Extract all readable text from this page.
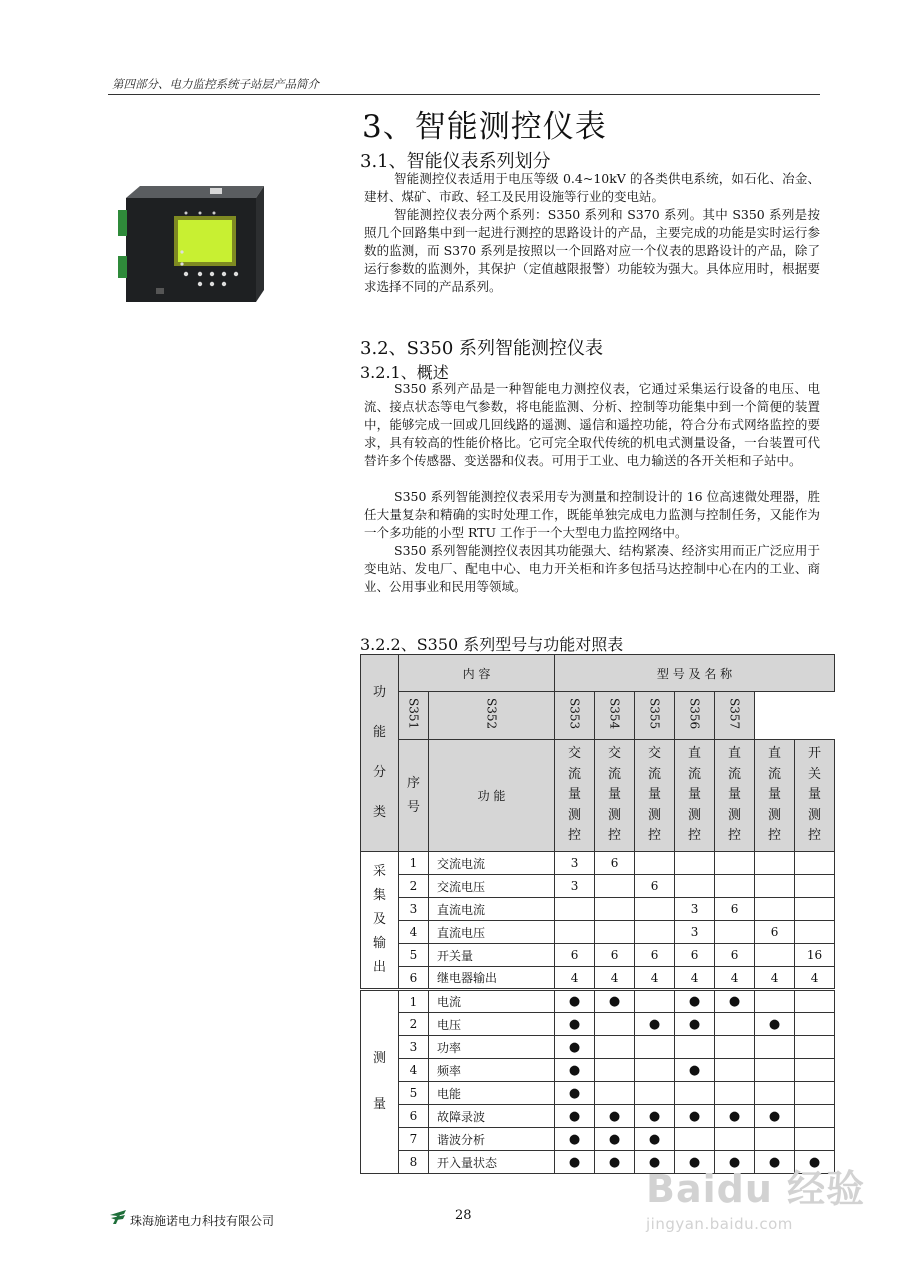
第四部分、电力监控系统子站层产品简介
3、智能测控仪表
3.1、智能仪表系列划分

智能测控仪表适用于电压等级 0.4~10kV 的各类供电系统，如石化、冶金、建材、煤矿、市政、轻工及民用设施等行业的变电站。

智能测控仪表分两个系列：S350 系列和 S370 系列。其中 S350 系列是按照几个回路集中到一起进行测控的思路设计的产品，主要完成的功能是实时运行参数的监测，而 S370 系列是按照以一个回路对应一个仪表的思路设计的产品，除了运行参数的监测外，其保护（定值越限报警）功能较为强大。具体应用时，根据要求选择不同的产品系列。

3.2、S350 系列智能测控仪表
3.2.1、概述

S350 系列产品是一种智能电力测控仪表，它通过采集运行设备的电压、电流、接点状态等电气参数，将电能监测、分析、控制等功能集中到一个简便的装置中，能够完成一回或几回线路的遥测、遥信和遥控功能，符合分布式网络监控的要求，具有较高的性能价格比。它可完全取代传统的机电式测量设备，一台装置可代替许多个传感器、变送器和仪表。可用于工业、电力输送的各开关柜和子站中。

S350 系列智能测控仪表采用专为测量和控制设计的 16 位高速微处理器，胜任大量复杂和精确的实时处理工作，既能单独完成电力监测与控制任务，又能作为一个多功能的小型 RTU 工作于一个大型电力监控网络中。

S350 系列智能测控仪表因其功能强大、结构紧凑、经济实用而正广泛应用于变电站、发电厂、配电中心、电力开关柜和许多包括马达控制中心在内的工业、商业、公用事业和民用等领域。

3.2.2、S350 系列型号与功能对照表
功
能
分
类	内 容		型 号 及 名 称						
	S351	S352	S353	S354	S355	S356	S357		

	序
号	功 能	交
流
量
测
控	交
流
量
测
控	交
流
量
测
控	直
流
量
测
控	直
流
量
测
控	直
流
量
测
控	开
关
量
测
控

采
集
及
输
出	1	交流电流	3	6					
	2	交流电压	3		6				
	3	直流电流				3	6		
	4	直流电压				3		6	
	5	开关量	6	6	6	6	6		16
	6	继电器输出	4	4	4	4	4	4	4

测
量	1	电流	●	●		●	●		
	2	电压	●		●	●		●	
	3	功率	●						
	4	频率	●			●			
	5	电能	●						
	6	故障录波	●	●	●	●	●	●	
	7	谐波分析	●	●	●				
	8	开入量状态	●	●	●	●	●	●	●
珠海施诺电力科技有限公司	28
Baidu 经验
jingyan.baidu.com
